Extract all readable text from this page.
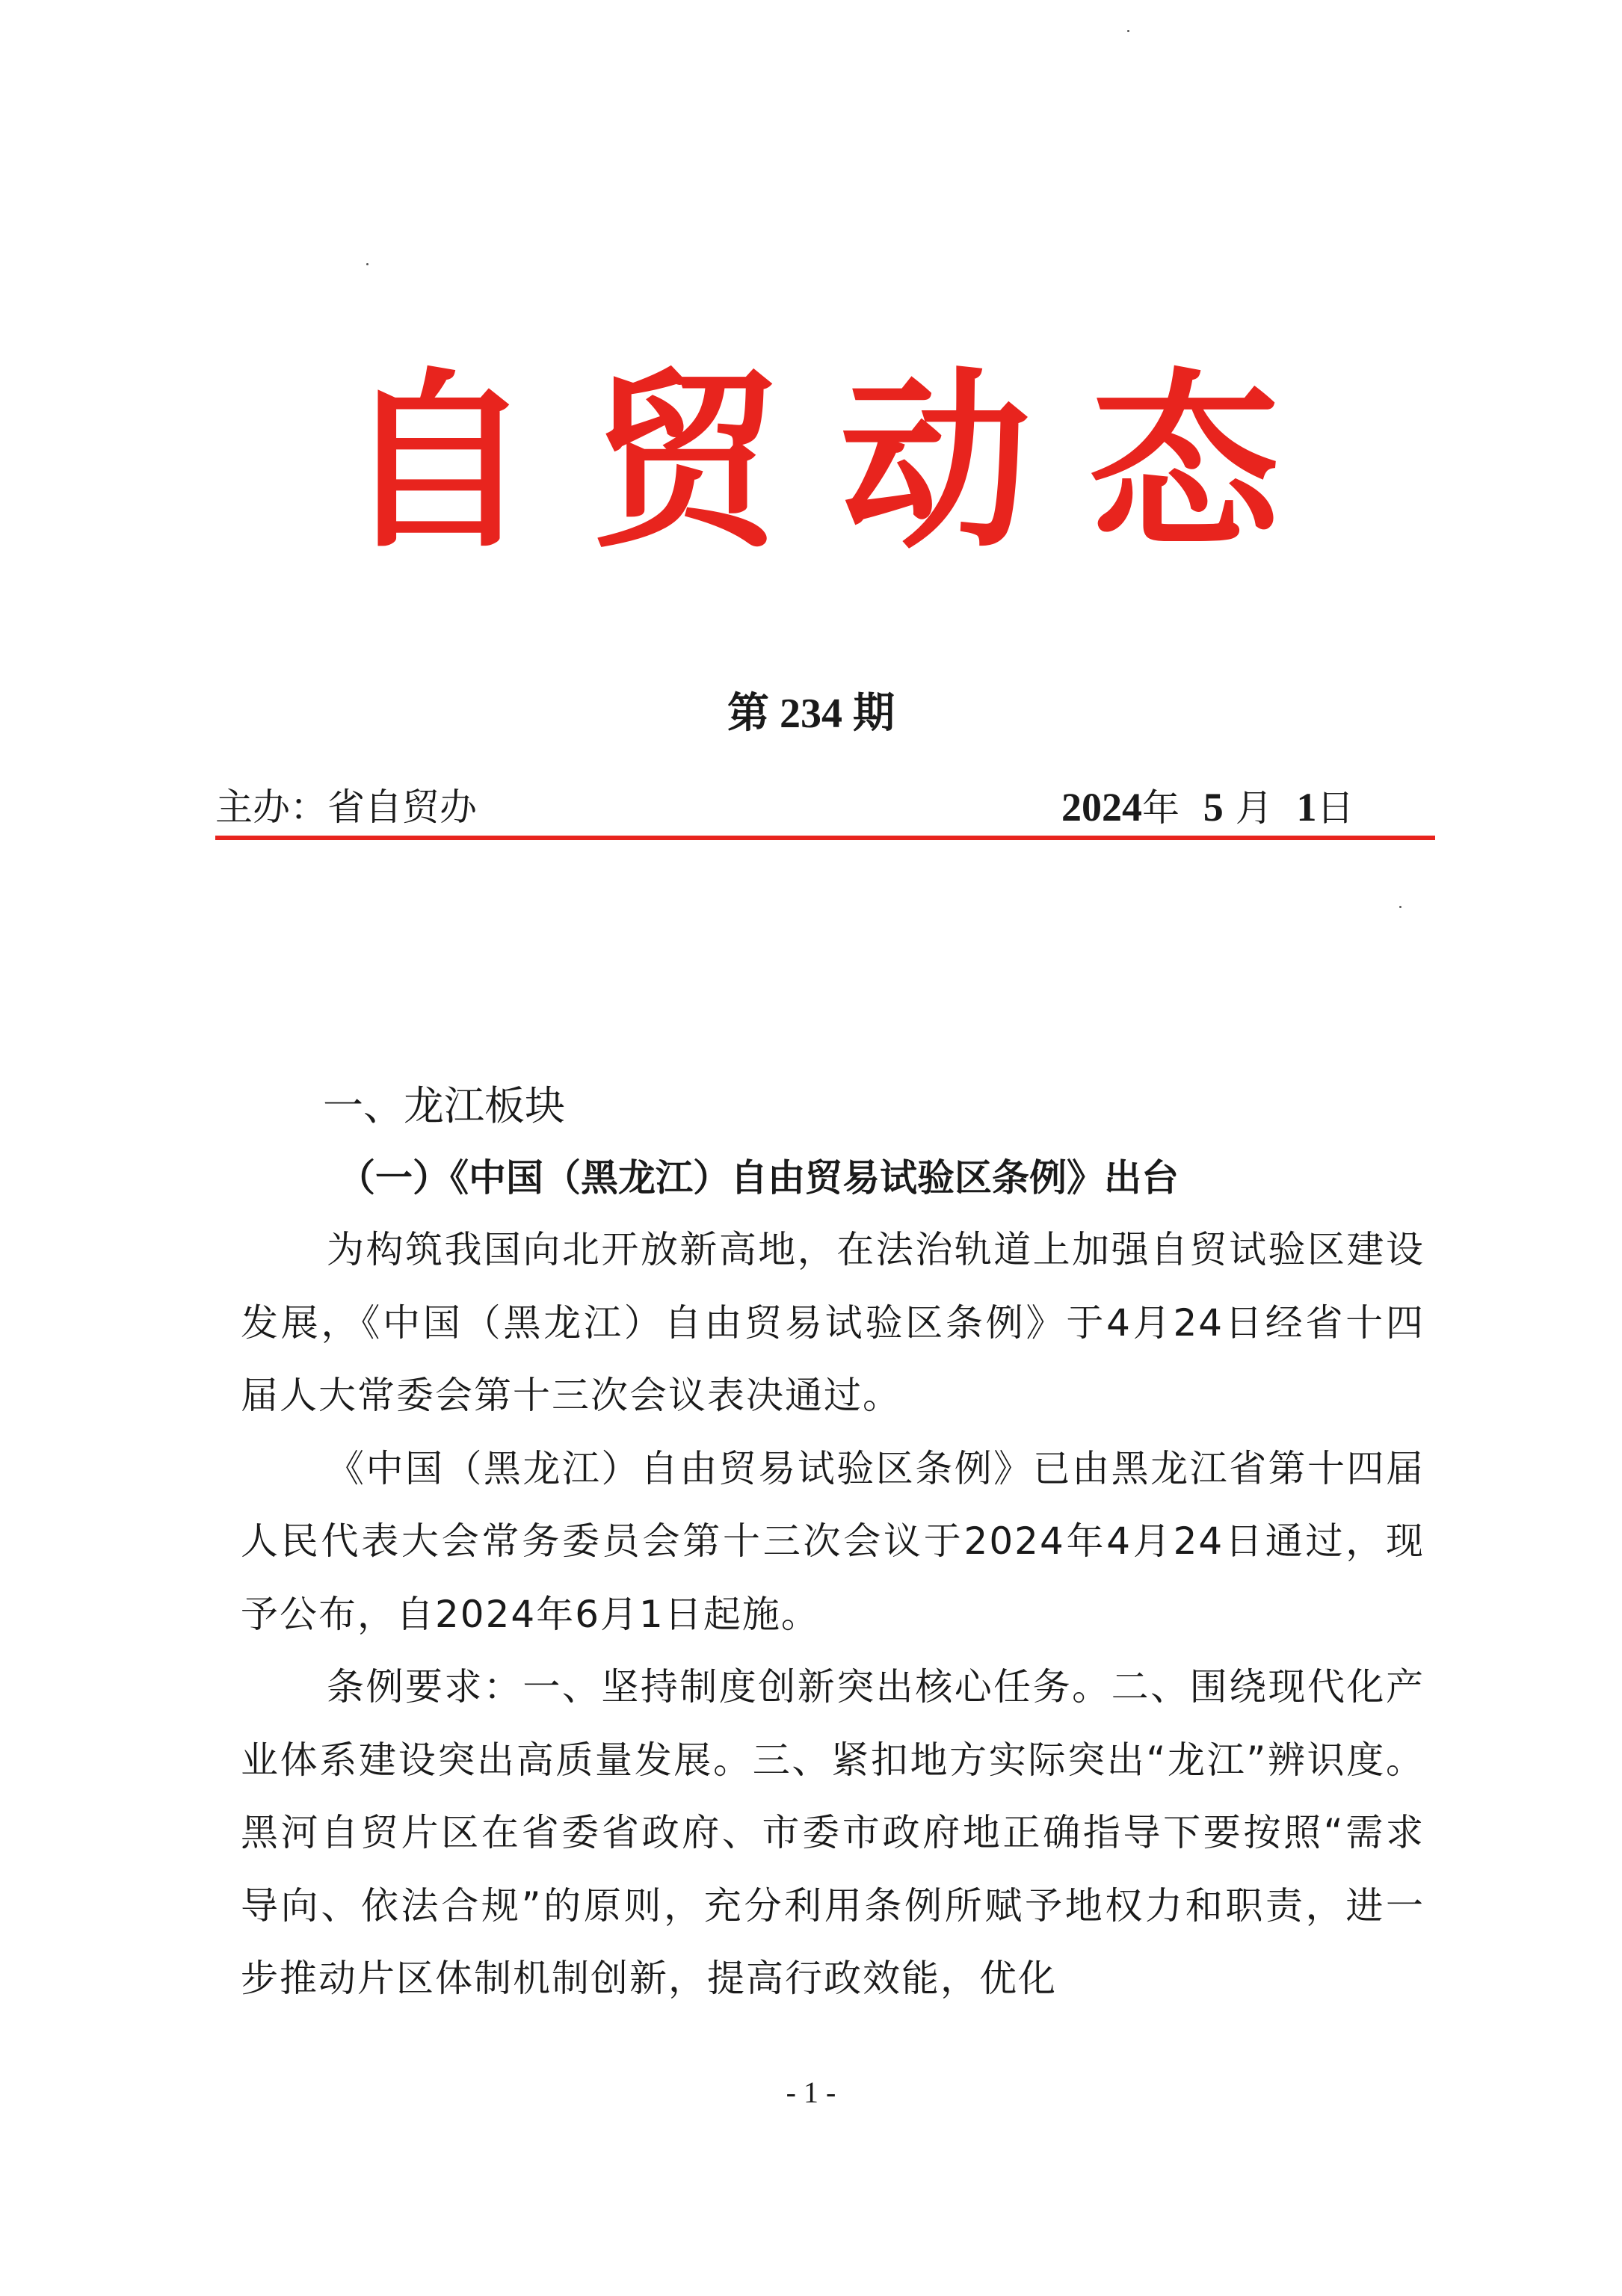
自贸动态
第 234 期
主办：省自贸办	2024年 5 月 1日
一、龙江板块
（一）《中国（黑龙江）自由贸易试验区条例》出台

为构筑我国向北开放新高地，在法治轨道上加强自贸试验区建设发展，《中国（黑龙江）自由贸易试验区条例》于4月24日经省十四届人大常委会第十三次会议表决通过。

《中国（黑龙江）自由贸易试验区条例》已由黑龙江省第十四届人民代表大会常务委员会第十三次会议于2024年4月24日通过，现予公布，自2024年6月1日起施。

条例要求：一、坚持制度创新突出核心任务。二、围绕现代化产业体系建设突出高质量发展。三、紧扣地方实际突出“龙江”辨识度。黑河自贸片区在省委省政府、市委市政府地正确指导下要按照“需求导向、依法合规”的原则，充分利用条例所赋予地权力和职责，进一步推动片区体制机制创新，提高行政效能，优化

- 1 -
